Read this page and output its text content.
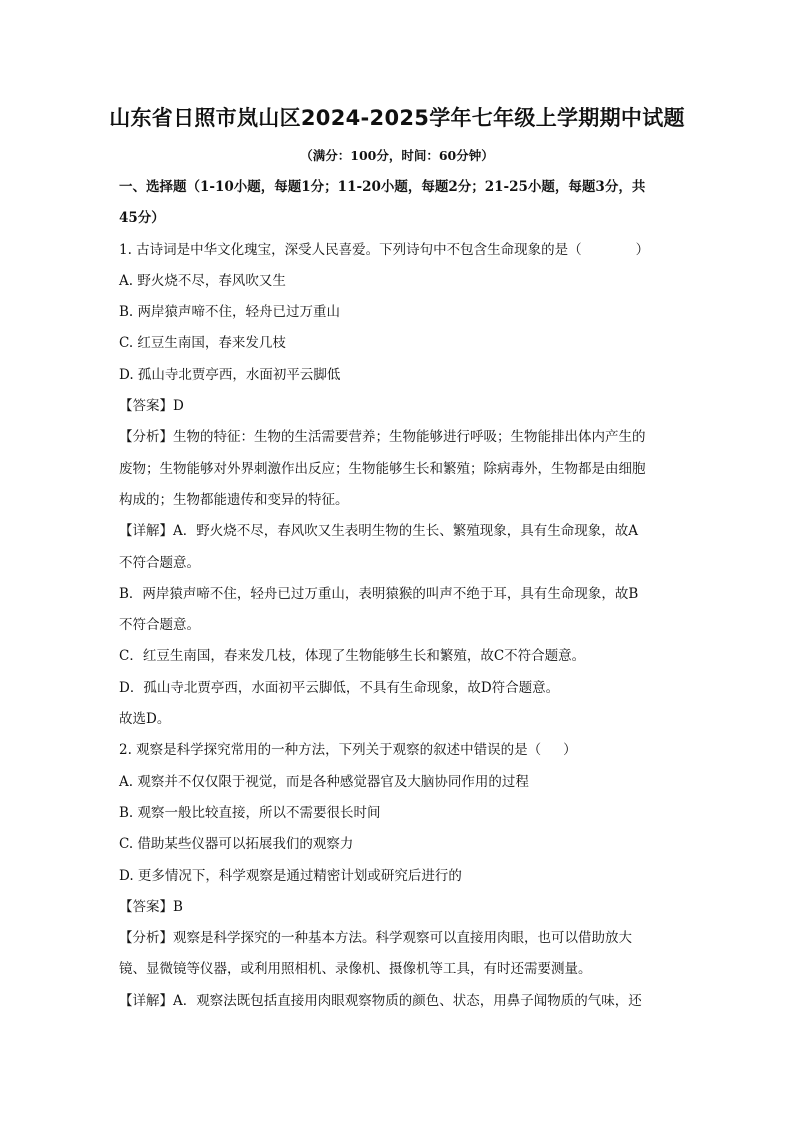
山东省日照市岚山区2024-2025学年七年级上学期期中试题
（满分：100分，时间：60分钟）
一、选择题（1-10小题，每题1分；11-20小题，每题2分；21-25小题，每题3分，共
45分）
1. 古诗词是中华文化瑰宝，深受人民喜爱。下列诗句中不包含生命现象的是（	）
A. 野火烧不尽，春风吹又生
B. 两岸猿声啼不住，轻舟已过万重山
C. 红豆生南国，春来发几枝
D. 孤山寺北贾亭西，水面初平云脚低
【答案】D
【分析】生物的特征：生物的生活需要营养；生物能够进行呼吸；生物能排出体内产生的
废物；生物能够对外界刺激作出反应；生物能够生长和繁殖；除病毒外，生物都是由细胞
构成的；生物都能遗传和变异的特征。
【详解】A．野火烧不尽，春风吹又生表明生物的生长、繁殖现象，具有生命现象，故A
不符合题意。
B．两岸猿声啼不住，轻舟已过万重山，表明猿猴的叫声不绝于耳，具有生命现象，故B
不符合题意。
C．红豆生南国，春来发几枝，体现了生物能够生长和繁殖，故C不符合题意。
D．孤山寺北贾亭西，水面初平云脚低，不具有生命现象，故D符合题意。
故选D。
2. 观察是科学探究常用的一种方法，下列关于观察的叙述中错误的是（ ）
A. 观察并不仅仅限于视觉，而是各种感觉器官及大脑协同作用的过程
B. 观察一般比较直接，所以不需要很长时间
C. 借助某些仪器可以拓展我们的观察力
D. 更多情况下，科学观察是通过精密计划或研究后进行的
【答案】B
【分析】观察是科学探究的一种基本方法。科学观察可以直接用肉眼，也可以借助放大
镜、显微镜等仪器，或利用照相机、录像机、摄像机等工具，有时还需要测量。
【详解】A．观察法既包括直接用肉眼观察物质的颜色、状态，用鼻子闻物质的气味，还
